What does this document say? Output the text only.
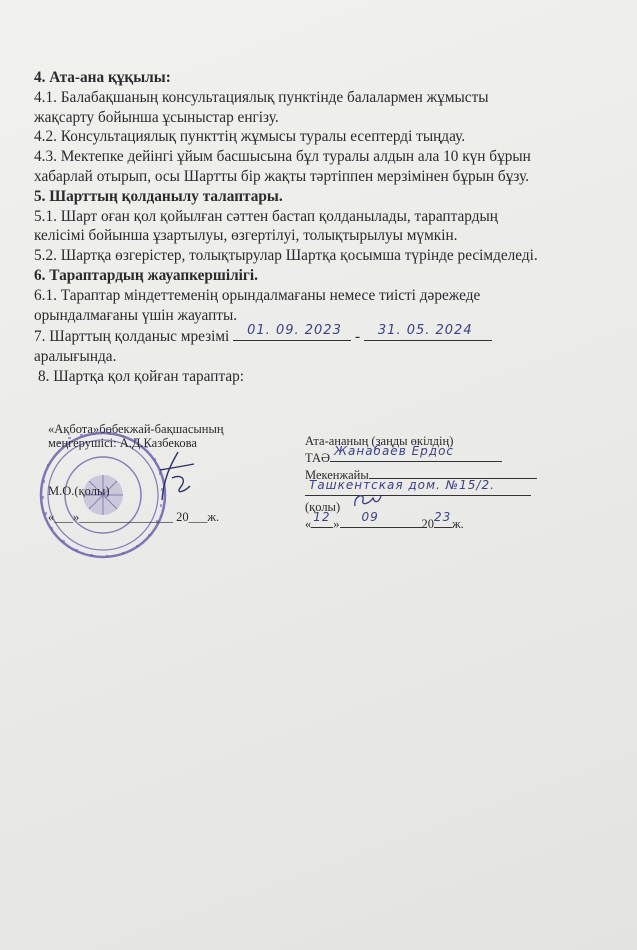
4. Ата-ана құқылы:

4.1. Балабақшаның консультациялық пунктінде балалармен жұмысты

жақсарту бойынша ұсыныстар енгізу.

4.2. Консультациялық пункттің жұмысы туралы есептерді тыңдау.

4.3. Мектепке дейінгі ұйым басшысына бұл туралы алдын ала 10 күн бұрын

хабарлай отырып, осы Шартты бір жақты тәртіппен мерзімінен бұрын бұзу.

5. Шарттың қолданылу талаптары.

5.1. Шарт оған қол қойылған сәттен бастап қолданылады, тараптардың

келісімі бойынша ұзартылуы, өзгертілуі, толықтырылуы мүмкін.

5.2. Шартқа өзгерістер, толықтырулар Шартқа қосымша түрінде ресімделеді.

6. Тараптардың жауапкершілігі.

6.1. Тараптар міндеттеменің орындалмағаны немесе тиісті дәрежеде

орындалмағаны үшін жауапты.

7. Шарттың қолданыс мрезімі 01. 09. 2023 - 31. 05. 2024

аралығында.

8. Шартқа қол қойған тараптар:

«Ақбота»бөбекжай-бақшасының
меңгерушісі: А.Д.Казбекова
М.О.(қолы)
«___»_______________ 20___ж.
Ата-ананың (заңды өкілдің)
ТАӘ Жанабаев Ердос
Мекенжайы
Ташкентская дом. №15/2.
(қолы)
« 12 » 09	20 23 ж.
